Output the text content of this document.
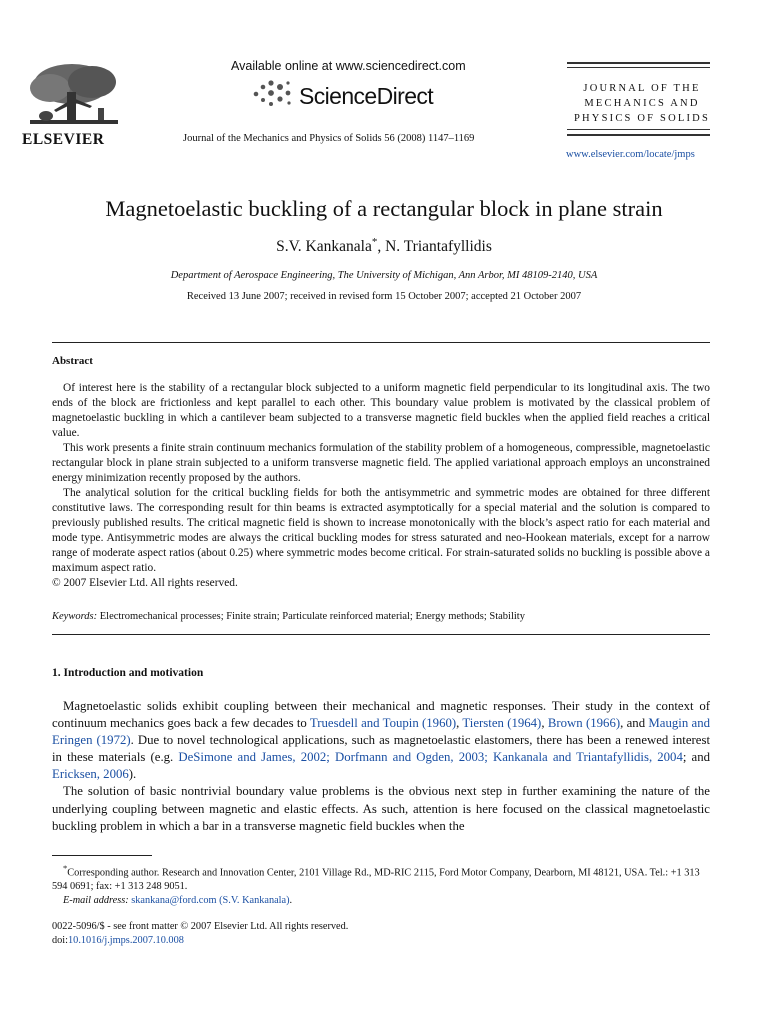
ELSEVIER
Available online at www.sciencedirect.com
ScienceDirect
Journal of the Mechanics and Physics of Solids 56 (2008) 1147–1169
JOURNAL OF THE
MECHANICS AND
PHYSICS OF SOLIDS
www.elsevier.com/locate/jmps
Magnetoelastic buckling of a rectangular block in plane strain
S.V. Kankanala*, N. Triantafyllidis
Department of Aerospace Engineering, The University of Michigan, Ann Arbor, MI 48109-2140, USA
Received 13 June 2007; received in revised form 15 October 2007; accepted 21 October 2007
Abstract

Of interest here is the stability of a rectangular block subjected to a uniform magnetic field perpendicular to its longitudinal axis. The two ends of the block are frictionless and kept parallel to each other. This boundary value problem is motivated by the classical problem of magnetoelastic buckling in which a cantilever beam subjected to a transverse magnetic field buckles when the applied field reaches a critical value.

This work presents a finite strain continuum mechanics formulation of the stability problem of a homogeneous, compressible, magnetoelastic rectangular block in plane strain subjected to a uniform transverse magnetic field. The applied variational approach employs an unconstrained energy minimization recently proposed by the authors.

The analytical solution for the critical buckling fields for both the antisymmetric and symmetric modes are obtained for three different constitutive laws. The corresponding result for thin beams is extracted asymptotically for a special material and the solution is compared to previously published results. The critical magnetic field is shown to increase monotonically with the block’s aspect ratio for each material and mode type. Antisymmetric modes are always the critical buckling modes for stress saturated and neo-Hookean materials, except for a narrow range of moderate aspect ratios (about 0.25) where symmetric modes become critical. For strain-saturated solids no buckling is possible above a maximum aspect ratio.

© 2007 Elsevier Ltd. All rights reserved.

Keywords: Electromechanical processes; Finite strain; Particulate reinforced material; Energy methods; Stability
1. Introduction and motivation

Magnetoelastic solids exhibit coupling between their mechanical and magnetic responses. Their study in the context of continuum mechanics goes back a few decades to Truesdell and Toupin (1960), Tiersten (1964), Brown (1966), and Maugin and Eringen (1972). Due to novel technological applications, such as magnetoelastic elastomers, there has been a renewed interest in these materials (e.g. DeSimone and James, 2002; Dorfmann and Ogden, 2003; Kankanala and Triantafyllidis, 2004; and Ericksen, 2006).

The solution of basic nontrivial boundary value problems is the obvious next step in further examining the nature of the underlying coupling between magnetic and elastic effects. As such, attention is here focused on the classical magnetoelastic buckling problem in which a bar in a transverse magnetic field buckles when the

*Corresponding author. Research and Innovation Center, 2101 Village Rd., MD-RIC 2115, Ford Motor Company, Dearborn, MI 48121, USA. Tel.: +1 313 594 0691; fax: +1 313 248 9051.

E-mail address: skankana@ford.com (S.V. Kankanala).

0022-5096/$ - see front matter © 2007 Elsevier Ltd. All rights reserved.
doi:10.1016/j.jmps.2007.10.008
